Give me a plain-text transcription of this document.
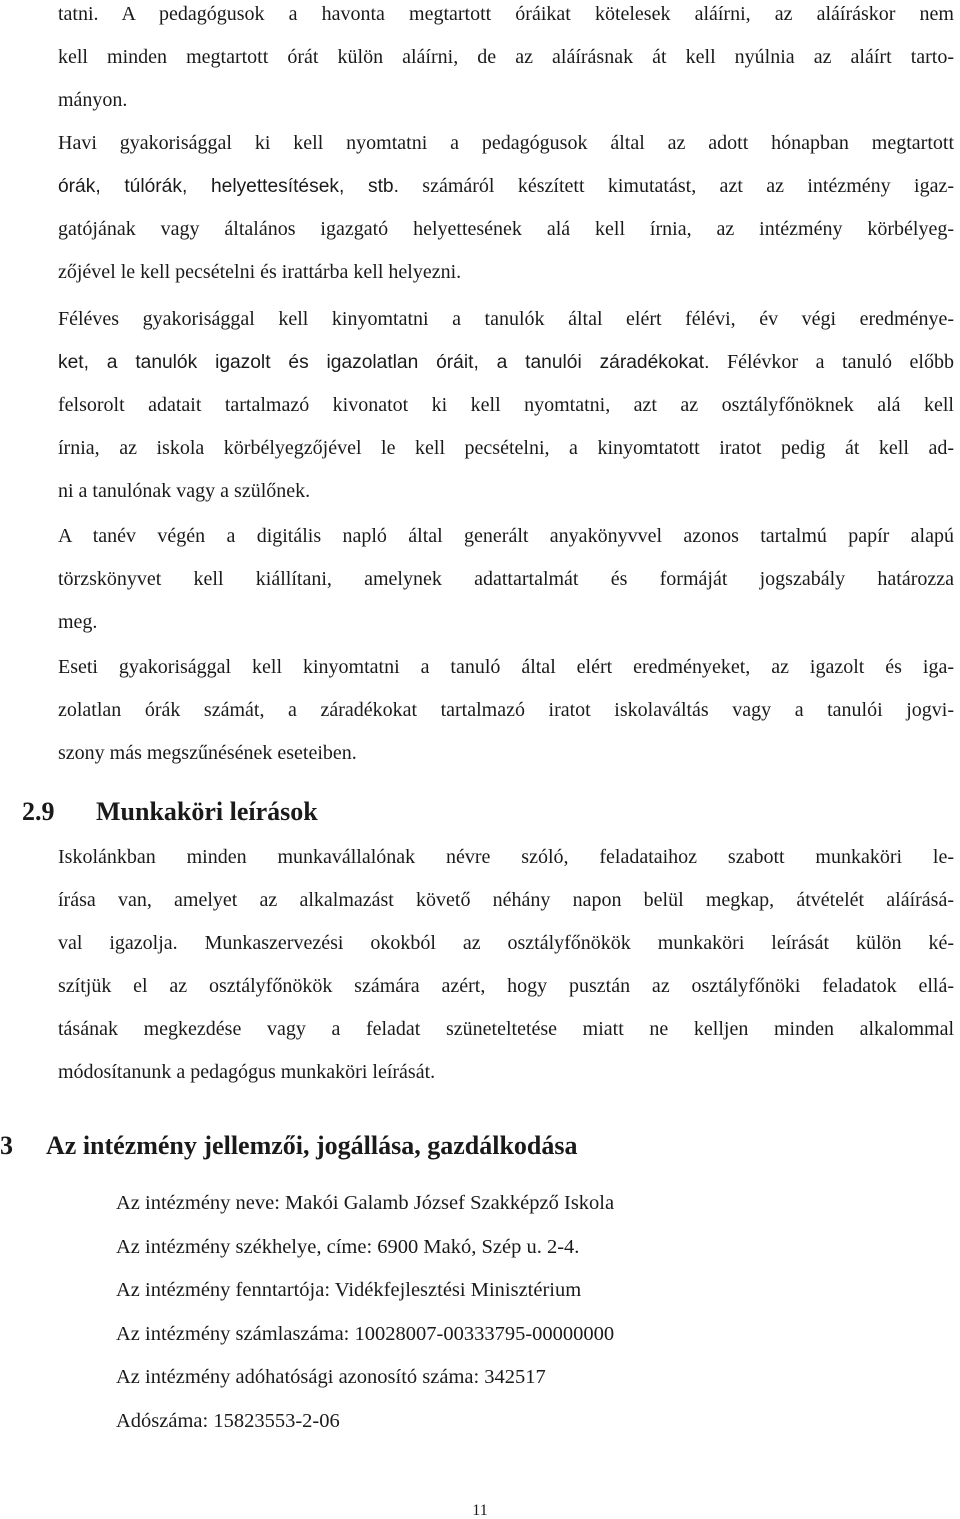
tatni. A pedagógusok a havonta megtartott óráikat kötelesek aláírni, az aláíráskor nem
kell minden megtartott órát külön aláírni, de az aláírásnak át kell nyúlnia az aláírt tarto-
mányon.
Havi gyakorisággal ki kell nyomtatni a pedagógusok által az adott hónapban megtartott
órák, túlórák, helyettesítések, stb. számáról készített kimutatást, azt az intézmény igaz-
gatójának vagy általános igazgató helyettesének alá kell írnia, az intézmény körbélyeg-
zőjével le kell pecsételni és irattárba kell helyezni.
Féléves gyakorisággal kell kinyomtatni a tanulók által elért félévi, év végi eredménye-
ket, a tanulók igazolt és igazolatlan óráit, a tanulói záradékokat. Félévkor a tanuló előbb
felsorolt adatait tartalmazó kivonatot ki kell nyomtatni, azt az osztályfőnöknek alá kell
írnia, az iskola körbélyegzőjével le kell pecsételni, a kinyomtatott iratot pedig át kell ad-
ni a tanulónak vagy a szülőnek.
A tanév végén a digitális napló által generált anyakönyvvel azonos tartalmú papír alapú
törzskönyvet kell kiállítani, amelynek adattartalmát és formáját jogszabály határozza
meg.
Eseti gyakorisággal kell kinyomtatni a tanuló által elért eredményeket, az igazolt és iga-
zolatlan órák számát, a záradékokat tartalmazó iratot iskolaváltás vagy a tanulói jogvi-
szony más megszűnésének eseteiben.
2.9 Munkaköri leírások
Iskolánkban minden munkavállalónak névre szóló, feladataihoz szabott munkaköri le-
írása van, amelyet az alkalmazást követő néhány napon belül megkap, átvételét aláírásá-
val igazolja. Munkaszervezési okokból az osztályfőnökök munkaköri leírását külön ké-
szítjük el az osztályfőnökök számára azért, hogy pusztán az osztályfőnöki feladatok ellá-
tásának megkezdése vagy a feladat szüneteltetése miatt ne kelljen minden alkalommal
módosítanunk a pedagógus munkaköri leírását.
3 Az intézmény jellemzői, jogállása, gazdálkodása
Az intézmény neve: Makói Galamb József Szakképző Iskola
Az intézmény székhelye, címe: 6900 Makó, Szép u. 2-4.
Az intézmény fenntartója: Vidékfejlesztési Minisztérium
Az intézmény számlaszáma: 10028007-00333795-00000000
Az intézmény adóhatósági azonosító száma: 342517
Adószáma: 15823553-2-06
11
